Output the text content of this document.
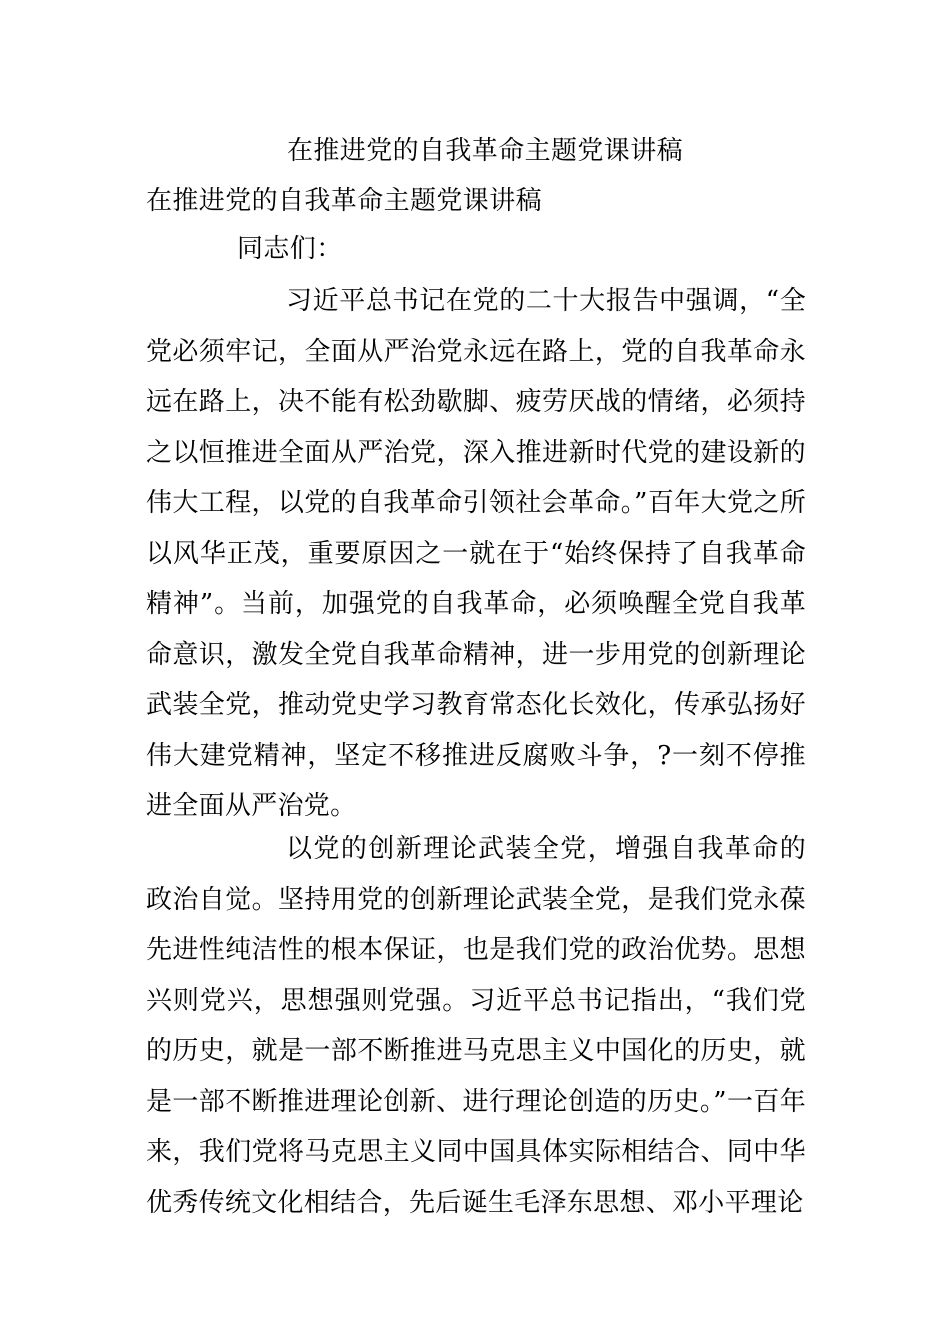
在推进党的自我革命主题党课讲稿
在推进党的自我革命主题党课讲稿
同志们：
习近平总书记在党的二十大报告中强调，“全党必须牢记，全面从严治党永远在路上，党的自我革命永远在路上，决不能有松劲歇脚、疲劳厌战的情绪，必须持之以恒推进全面从严治党，深入推进新时代党的建设新的伟大工程，以党的自我革命引领社会革命。”百年大党之所以风华正茂，重要原因之一就在于“始终保持了自我革命精神”。当前，加强党的自我革命，必须唤醒全党自我革命意识，激发全党自我革命精神，进一步用党的创新理论武装全党，推动党史学习教育常态化长效化，传承弘扬好伟大建党精神，坚定不移推进反腐败斗争，?一刻不停推进全面从严治党。
以党的创新理论武装全党，增强自我革命的政治自觉。坚持用党的创新理论武装全党，是我们党永葆先进性纯洁性的根本保证，也是我们党的政治优势。思想兴则党兴，思想强则党强。习近平总书记指出，“我们党的历史，就是一部不断推进马克思主义中国化的历史，就是一部不断推进理论创新、进行理论创造的历史。”一百年来，我们党将马克思主义同中国具体实际相结合、同中华优秀传统文化相结合，先后诞生毛泽东思想、邓小平理论
